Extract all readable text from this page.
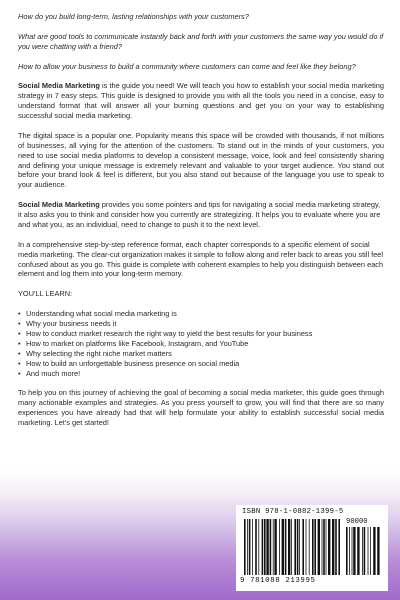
How do you build long-term, lasting relationships with your customers?

What are good tools to communicate instantly back and forth with your customers the same way you would do if you were chatting with a friend?

How to allow your business to build a community where customers can come and feel like they belong?

Social Media Marketing is the guide you need! We will teach you how to establish your social media marketing strategy in 7 easy steps. This guide is designed to provide you with all the tools you need in a concise, easy to understand format that will answer all your burning questions and get you on your way to establishing successful social media marketing.

The digital space is a popular one. Popularity means this space will be crowded with thousands, if not millions of businesses, all vying for the attention of the customers. To stand out in the minds of your customers, you need to use social media platforms to develop a consistent message, voice, look and feel consistently sharing and defining your unique message is extremely relevant and valuable to your target audience. You stand out before your brand look & feel is different, but you also stand out because of the language you use to speak to your audience.

Social Media Marketing provides you some pointers and tips for navigating a social media marketing strategy, it also asks you to think and consider how you currently are strategizing. It helps you to evaluate where you are and what you, as an individual, need to change to push it to the next level.

In a comprehensive step-by-step reference format, each chapter corresponds to a specific element of social media marketing. The clear-cut organization makes it simple to follow along and refer back to areas you still feel confused about as you go. This guide is complete with coherent examples to help you distinguish between each element and log them into your long-term memory.

YOU'LL LEARN:

• Understanding what social media marketing is
• Why your business needs it
• How to conduct market research the right way to yield the best results for your business
• How to market on platforms like Facebook, Instagram, and YouTube
• Why selecting the right niche market matters
• How to build an unforgettable business presence on social media
• And much more!

To help you on this journey of achieving the goal of becoming a social media marketer, this guide goes through many actionable examples and strategies. As you press yourself to grow, you will find that there are so many experiences you have already had that will help formulate your ability to establish successful social media marketing. Let's get started!

ISBN 978-1-0882-1399-5
90000
9 781088 213995
